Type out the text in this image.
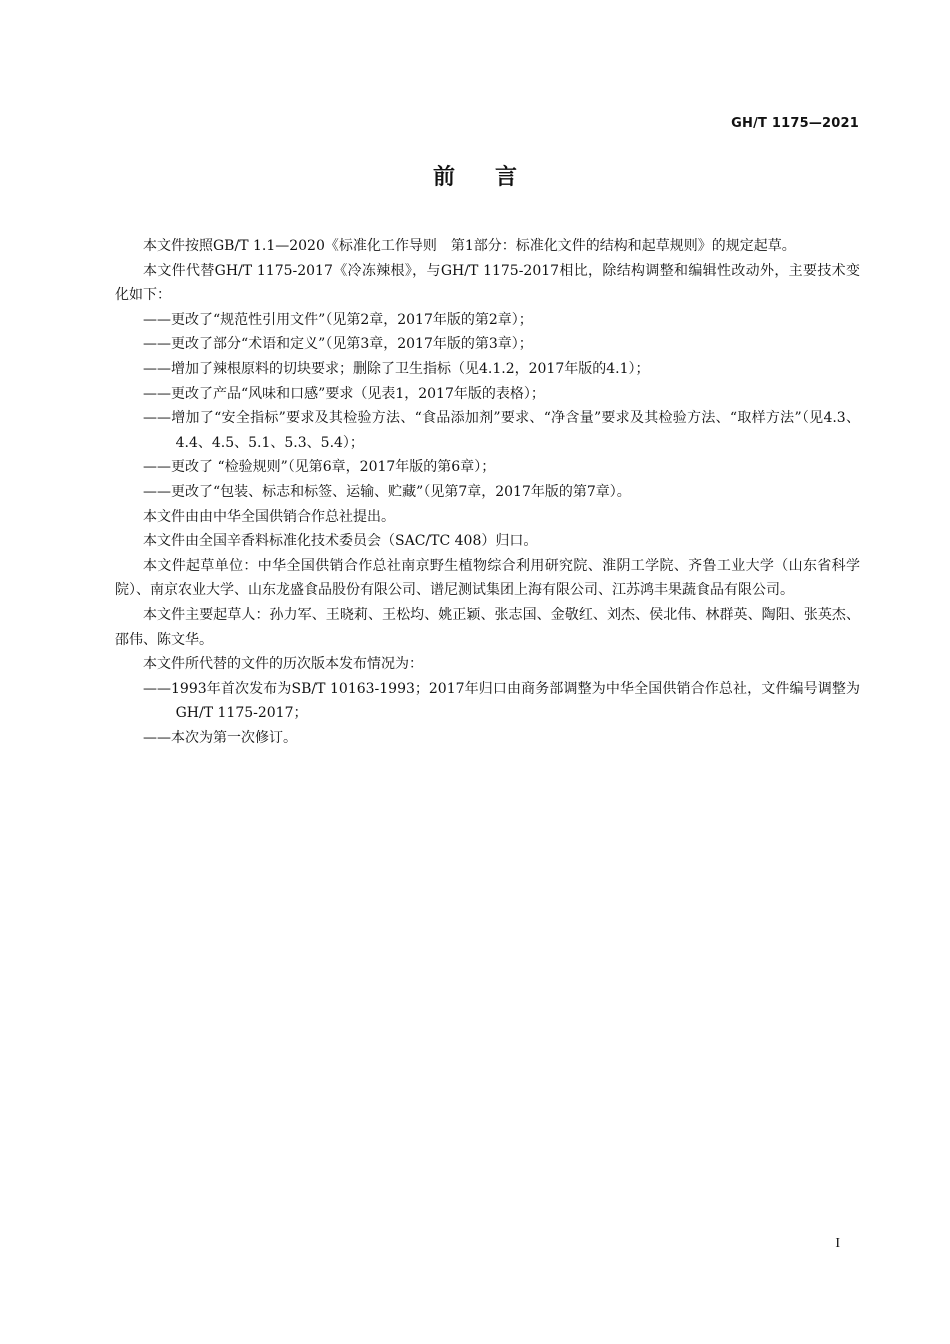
GH/T 1175—2021
前言

本文件按照GB/T 1.1—2020《标准化工作导则　第1部分：标准化文件的结构和起草规则》的规定起草。

本文件代替GH/T 1175-2017《冷冻辣根》，与GH/T 1175-2017相比，除结构调整和编辑性改动外，主要技术变化如下：

——更改了“规范性引用文件”（见第2章，2017年版的第2章）；

——更改了部分“术语和定义”（见第3章，2017年版的第3章）；

——增加了辣根原料的切块要求；删除了卫生指标（见4.1.2，2017年版的4.1）；

——更改了产品“风味和口感”要求（见表1，2017年版的表格）；

——增加了“安全指标”要求及其检验方法、“食品添加剂”要求、“净含量”要求及其检验方法、“取样方法”（见4.3、4.4、4.5、5.1、5.3、5.4）；

——更改了 “检验规则”（见第6章，2017年版的第6章）；

——更改了“包装、标志和标签、运输、贮藏”（见第7章，2017年版的第7章）。

本文件由由中华全国供销合作总社提出。

本文件由全国辛香料标准化技术委员会（SAC/TC 408）归口。

本文件起草单位：中华全国供销合作总社南京野生植物综合利用研究院、淮阴工学院、齐鲁工业大学（山东省科学院）、南京农业大学、山东龙盛食品股份有限公司、谱尼测试集团上海有限公司、江苏鸿丰果蔬食品有限公司。

本文件主要起草人：孙力军、王晓莉、王松均、姚正颖、张志国、金敬红、刘杰、侯北伟、林群英、陶阳、张英杰、邵伟、陈文华。

本文件所代替的文件的历次版本发布情况为：

——1993年首次发布为SB/T 10163-1993；2017年归口由商务部调整为中华全国供销合作总社，文件编号调整为GH/T 1175-2017；

——本次为第一次修订。

I
